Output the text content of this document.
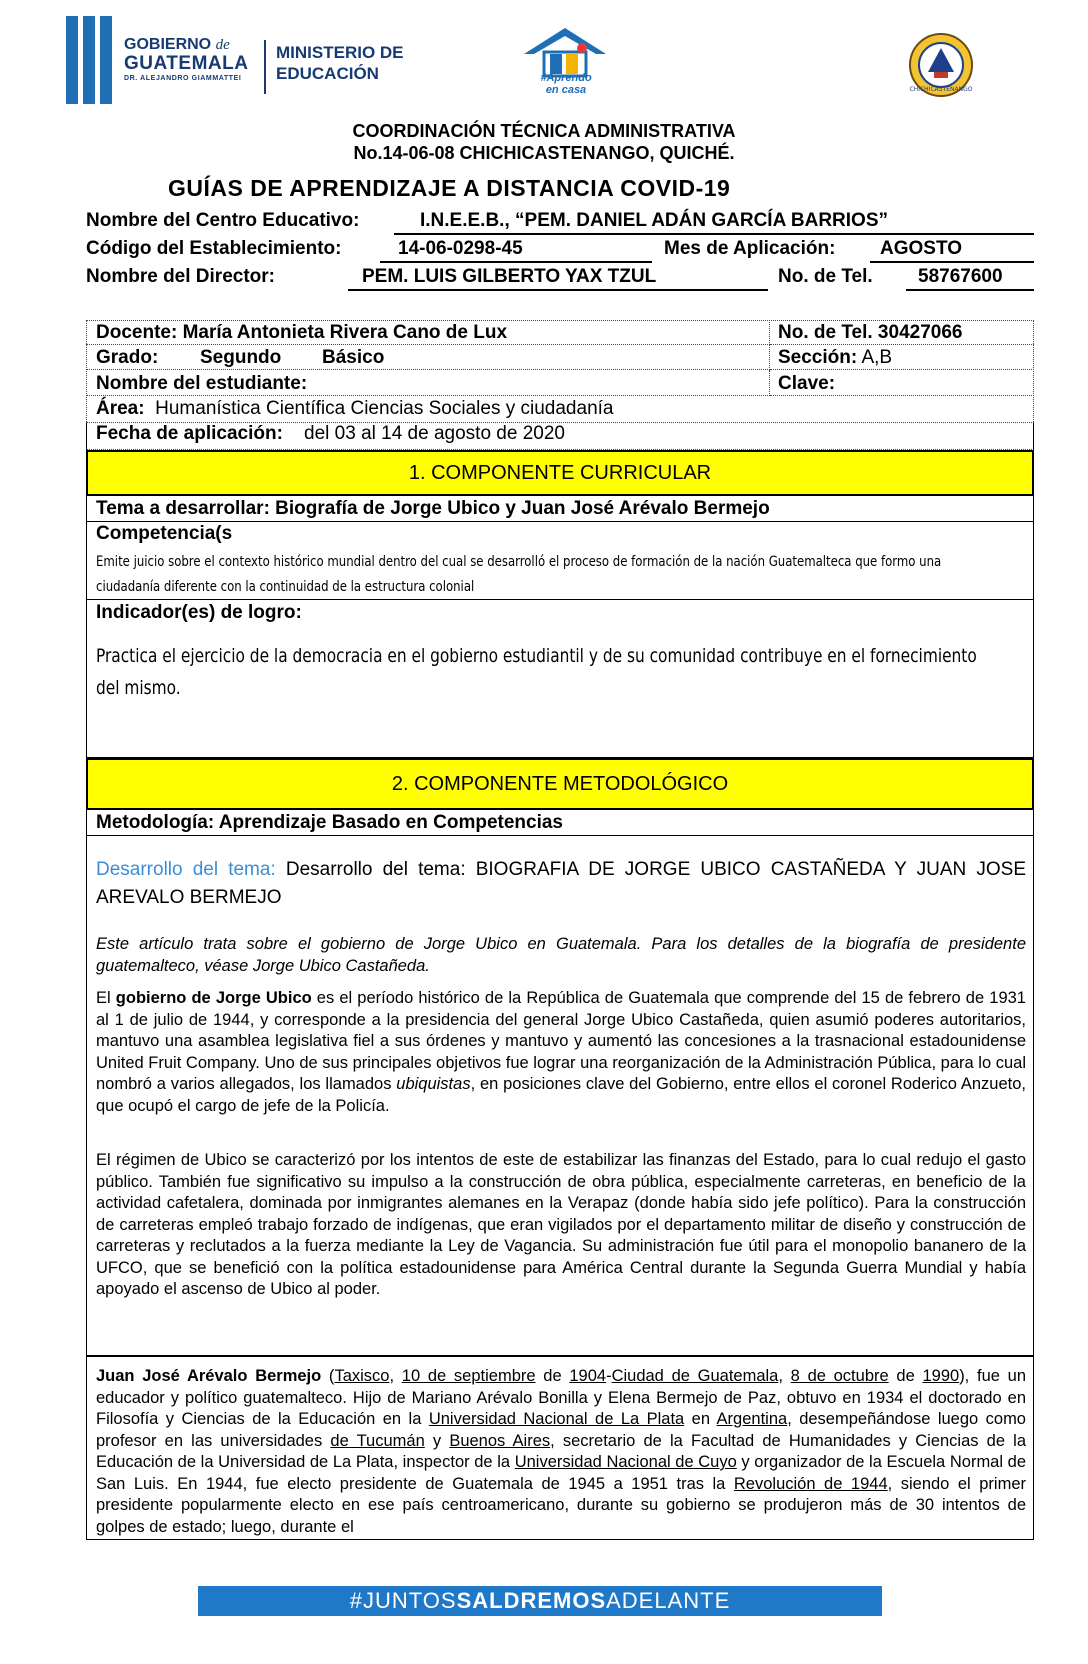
GOBIERNO de
GUATEMALA
DR. ALEJANDRO GIAMMATTEI
MINISTERIO DE
EDUCACIÓN	#Aprendo
en casa	CHICHICASTENANGO
COORDINACIÓN TÉCNICA ADMINISTRATIVA
No.14-06-08 CHICHICASTENANGO, QUICHÉ.
GUÍAS DE APRENDIZAJE A DISTANCIA COVID-19
Nombre del Centro Educativo:	I.N.E.E.B., “PEM. DANIEL ADÁN GARCÍA BARRIOS”
Código del Establecimiento:	14-06-0298-45	Mes de Aplicación: AGOSTO
Nombre del Director:	PEM. LUIS GILBERTO YAX TZUL	No. de Tel. 58767600
Docente: María Antonieta Rivera Cano de Lux	No. de Tel. 30427066
Grado: Segundo Básico	Sección: A,B
Nombre del estudiante:	Clave:
Área: Humanística Científica Ciencias Sociales y ciudadanía
Fecha de aplicación: del 03 al 14 de agosto de 2020
1. COMPONENTE CURRICULAR
Tema a desarrollar: Biografía de Jorge Ubico y Juan José Arévalo Bermejo
Competencia(s
Emite juicio sobre el contexto histórico mundial dentro del cual se desarrolló el proceso de formación de la nación Guatemalteca que formo una ciudadanía diferente con la continuidad de la estructura colonial
Indicador(es) de logro:
Practica el ejercicio de la democracia en el gobierno estudiantil y de su comunidad contribuye en el fornecimiento del mismo.
2. COMPONENTE METODOLÓGICO
Metodología: Aprendizaje Basado en Competencias
Desarrollo del tema: Desarrollo del tema: BIOGRAFIA DE JORGE UBICO CASTAÑEDA Y JUAN JOSE AREVALO BERMEJO
Este artículo trata sobre el gobierno de Jorge Ubico en Guatemala. Para los detalles de la biografía de presidente guatemalteco, véase Jorge Ubico Castañeda.
El gobierno de Jorge Ubico es el período histórico de la República de Guatemala que comprende del 15 de febrero de 1931 al 1 de julio de 1944, y corresponde a la presidencia del general Jorge Ubico Castañeda, quien asumió poderes autoritarios, mantuvo una asamblea legislativa fiel a sus órdenes y mantuvo y aumentó las concesiones a la trasnacional estadounidense United Fruit Company. Uno de sus principales objetivos fue lograr una reorganización de la Administración Pública, para lo cual nombró a varios allegados, los llamados ubiquistas, en posiciones clave del Gobierno, entre ellos el coronel Roderico Anzueto, que ocupó el cargo de jefe de la Policía.
El régimen de Ubico se caracterizó por los intentos de este de estabilizar las finanzas del Estado, para lo cual redujo el gasto público. También fue significativo su impulso a la construcción de obra pública, especialmente carreteras, en beneficio de la actividad cafetalera, dominada por inmigrantes alemanes en la Verapaz (donde había sido jefe político). Para la construcción de carreteras empleó trabajo forzado de indígenas, que eran vigilados por el departamento militar de diseño y construcción de carreteras y reclutados a la fuerza mediante la Ley de Vagancia. Su administración fue útil para el monopolio bananero de la UFCO, que se benefició con la política estadounidense para América Central durante la Segunda Guerra Mundial y había apoyado el ascenso de Ubico al poder.
Juan José Arévalo Bermejo (Taxisco, 10 de septiembre de 1904-Ciudad de Guatemala, 8 de octubre de 1990), fue un educador y político guatemalteco. Hijo de Mariano Arévalo Bonilla y Elena Bermejo de Paz, obtuvo en 1934 el doctorado en Filosofía y Ciencias de la Educación en la Universidad Nacional de La Plata en Argentina, desempeñándose luego como profesor en las universidades de Tucumán y Buenos Aires, secretario de la Facultad de Humanidades y Ciencias de la Educación de la Universidad de La Plata, inspector de la Universidad Nacional de Cuyo y organizador de la Escuela Normal de San Luis. En 1944, fue electo presidente de Guatemala de 1945 a 1951 tras la Revolución de 1944, siendo el primer presidente popularmente electo en ese país centroamericano, durante su gobierno se produjeron más de 30 intentos de golpes de estado; luego, durante el
#JUNTOSSALDREMOSADELANTE
